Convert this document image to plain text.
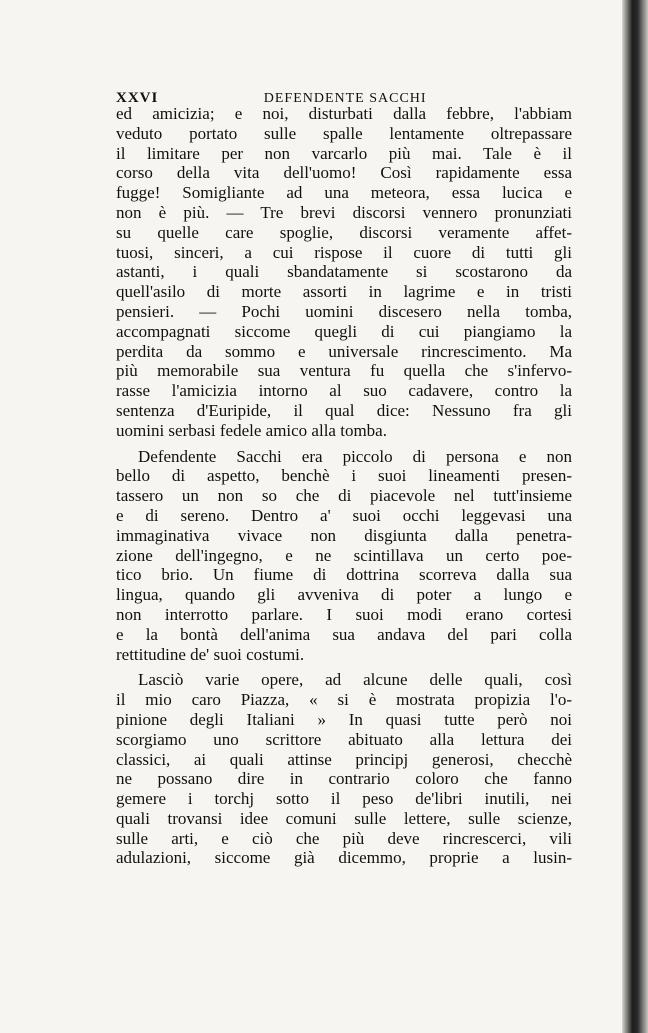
XXVI	DEFENDENTE SACCHI
ed amicizia; e noi, disturbati dalla febbre, l'abbiam
veduto portato sulle spalle lentamente oltrepassare
il limitare per non varcarlo più mai. Tale è il
corso della vita dell'uomo! Così rapidamente essa
fugge! Somigliante ad una meteora, essa lucica e
non è più. — Tre brevi discorsi vennero pronunziati
su quelle care spoglie, discorsi veramente affet-
tuosi, sinceri, a cui rispose il cuore di tutti gli
astanti, i quali sbandatamente si scostarono da
quell'asilo di morte assorti in lagrime e in tristi
pensieri. — Pochi uomini discesero nella tomba,
accompagnati siccome quegli di cui piangiamo la
perdita da sommo e universale rincrescimento. Ma
più memorabile sua ventura fu quella che s'infervo-
rasse l'amicizia intorno al suo cadavere, contro la
sentenza d'Euripide, il qual dice: Nessuno fra gli
uomini serbasi fedele amico alla tomba.
Defendente Sacchi era piccolo di persona e non
bello di aspetto, benchè i suoi lineamenti presen-
tassero un non so che di piacevole nel tutt'insieme
e di sereno. Dentro a' suoi occhi leggevasi una
immaginativa vivace non disgiunta dalla penetra-
zione dell'ingegno, e ne scintillava un certo poe-
tico brio. Un fiume di dottrina scorreva dalla sua
lingua, quando gli avveniva di poter a lungo e
non interrotto parlare. I suoi modi erano cortesi
e la bontà dell'anima sua andava del pari colla
rettitudine de' suoi costumi.
Lasciò varie opere, ad alcune delle quali, così
il mio caro Piazza, « si è mostrata propizia l'o-
pinione degli Italiani » In quasi tutte però noi
scorgiamo uno scrittore abituato alla lettura dei
classici, ai quali attinse principj generosi, checchè
ne possano dire in contrario coloro che fanno
gemere i torchj sotto il peso de'libri inutili, nei
quali trovansi idee comuni sulle lettere, sulle scienze,
sulle arti, e ciò che più deve rincrescerci, vili
adulazioni, siccome già dicemmo, proprie a lusin-
